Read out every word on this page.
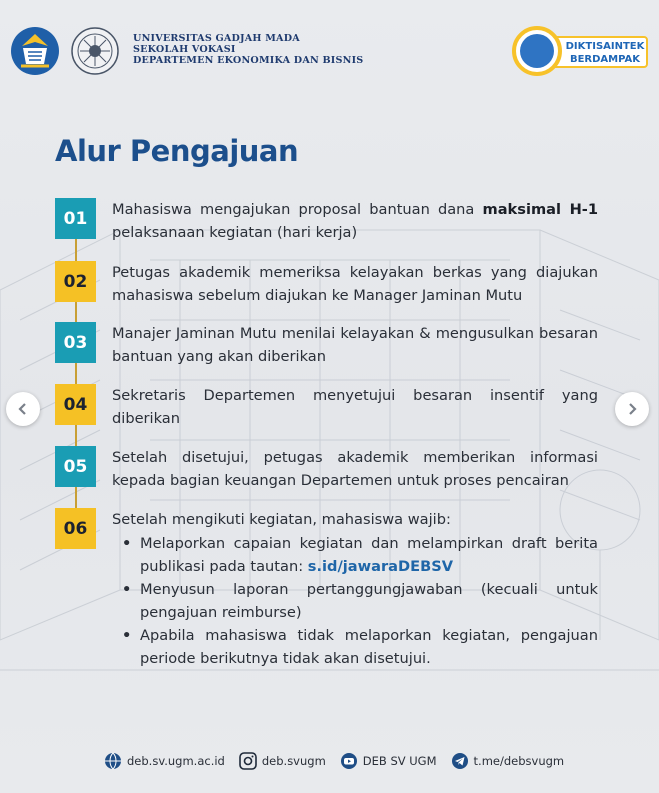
UNIVERSITAS GADJAH MADA
SEKOLAH VOKASI
DEPARTEMEN EKONOMIKA DAN BISNIS
DIKTISAINTEK
BERDAMPAK
Alur Pengajuan
01	Mahasiswa mengajukan proposal bantuan dana maksimal H-1 pelaksanaan kegiatan (hari kerja)
02	Petugas akademik memeriksa kelayakan berkas yang diajukan mahasiswa sebelum diajukan ke Manager Jaminan Mutu
03	Manajer Jaminan Mutu menilai kelayakan & mengusulkan besaran bantuan yang akan diberikan
04	Sekretaris Departemen menyetujui besaran insentif yang diberikan
05	Setelah disetujui, petugas akademik memberikan informasi kepada bagian keuangan Departemen untuk proses pencairan
06	Setelah mengikuti kegiatan, mahasiswa wajib:
• Melaporkan capaian kegiatan dan melampirkan draft berita publikasi pada tautan: s.id/jawaraDEBSV
• Menyusun laporan pertanggungjawaban (kecuali untuk pengajuan reimburse)
• Apabila mahasiswa tidak melaporkan kegiatan, pengajuan periode berikutnya tidak akan disetujui.
deb.sv.ugm.ac.id	deb.svugm	DEB SV UGM	t.me/debsvugm
